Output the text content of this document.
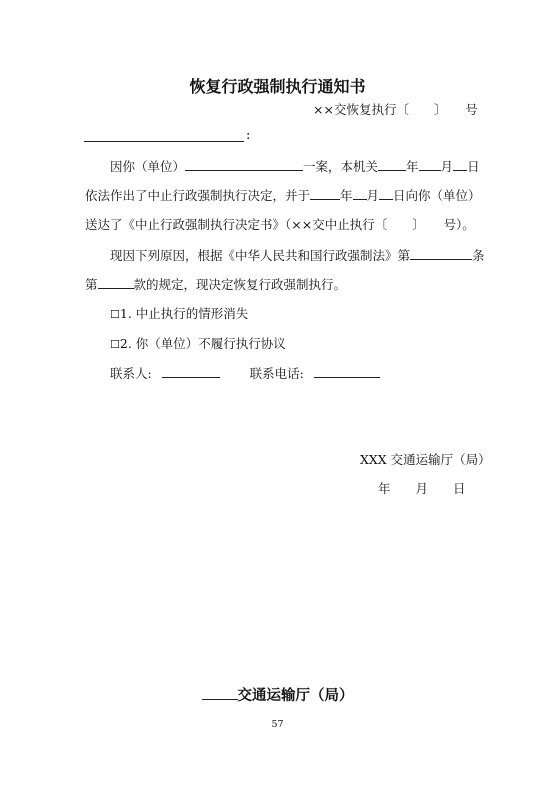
恢复行政强制执行通知书
××交恢复执行〔　　〕　　号
:
因你（单位）	一案，本机关 年 月 日
依法作出了中止行政强制执行决定，并于 年 月 日向你（单位）
送达了《中止行政强制执行决定书》（××交中止执行〔　　〕　　号）。
现因下列原因，根据《中华人民共和国行政强制法》第	条
第	款的规定，现决定恢复行政强制执行。
☐1. 中止执行的情形消失
☐2. 你（单位）不履行执行协议
联系人:	联系电话:
XXX 交通运输厅（局）
年　　月　　日
交通运输厅（局）
57
